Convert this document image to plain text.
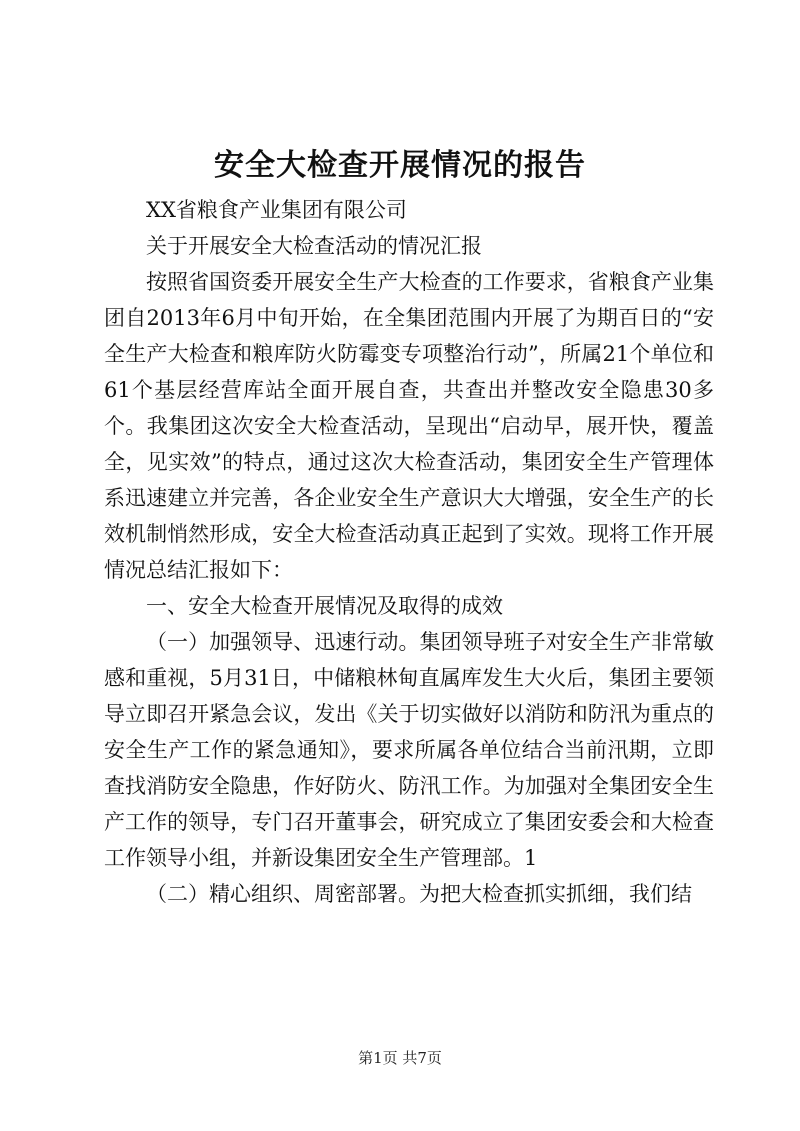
安全大检查开展情况的报告

XX省粮食产业集团有限公司

关于开展安全大检查活动的情况汇报

按照省国资委开展安全生产大检查的工作要求，省粮食产业集团自2013年6月中旬开始，在全集团范围内开展了为期百日的“安全生产大检查和粮库防火防霉变专项整治行动”，所属21个单位和61个基层经营库站全面开展自查，共查出并整改安全隐患30多个。我集团这次安全大检查活动，呈现出“启动早，展开快，覆盖全，见实效”的特点，通过这次大检查活动，集团安全生产管理体系迅速建立并完善，各企业安全生产意识大大增强，安全生产的长效机制悄然形成，安全大检查活动真正起到了实效。现将工作开展情况总结汇报如下：

一、安全大检查开展情况及取得的成效

（一）加强领导、迅速行动。集团领导班子对安全生产非常敏感和重视，5月31日，中储粮林甸直属库发生大火后，集团主要领导立即召开紧急会议，发出《关于切实做好以消防和防汛为重点的安全生产工作的紧急通知》，要求所属各单位结合当前汛期，立即查找消防安全隐患，作好防火、防汛工作。为加强对全集团安全生产工作的领导，专门召开董事会，研究成立了集团安委会和大检查工作领导小组，并新设集团安全生产管理部。1

（二）精心组织、周密部署。为把大检查抓实抓细，我们结

第1页 共7页
